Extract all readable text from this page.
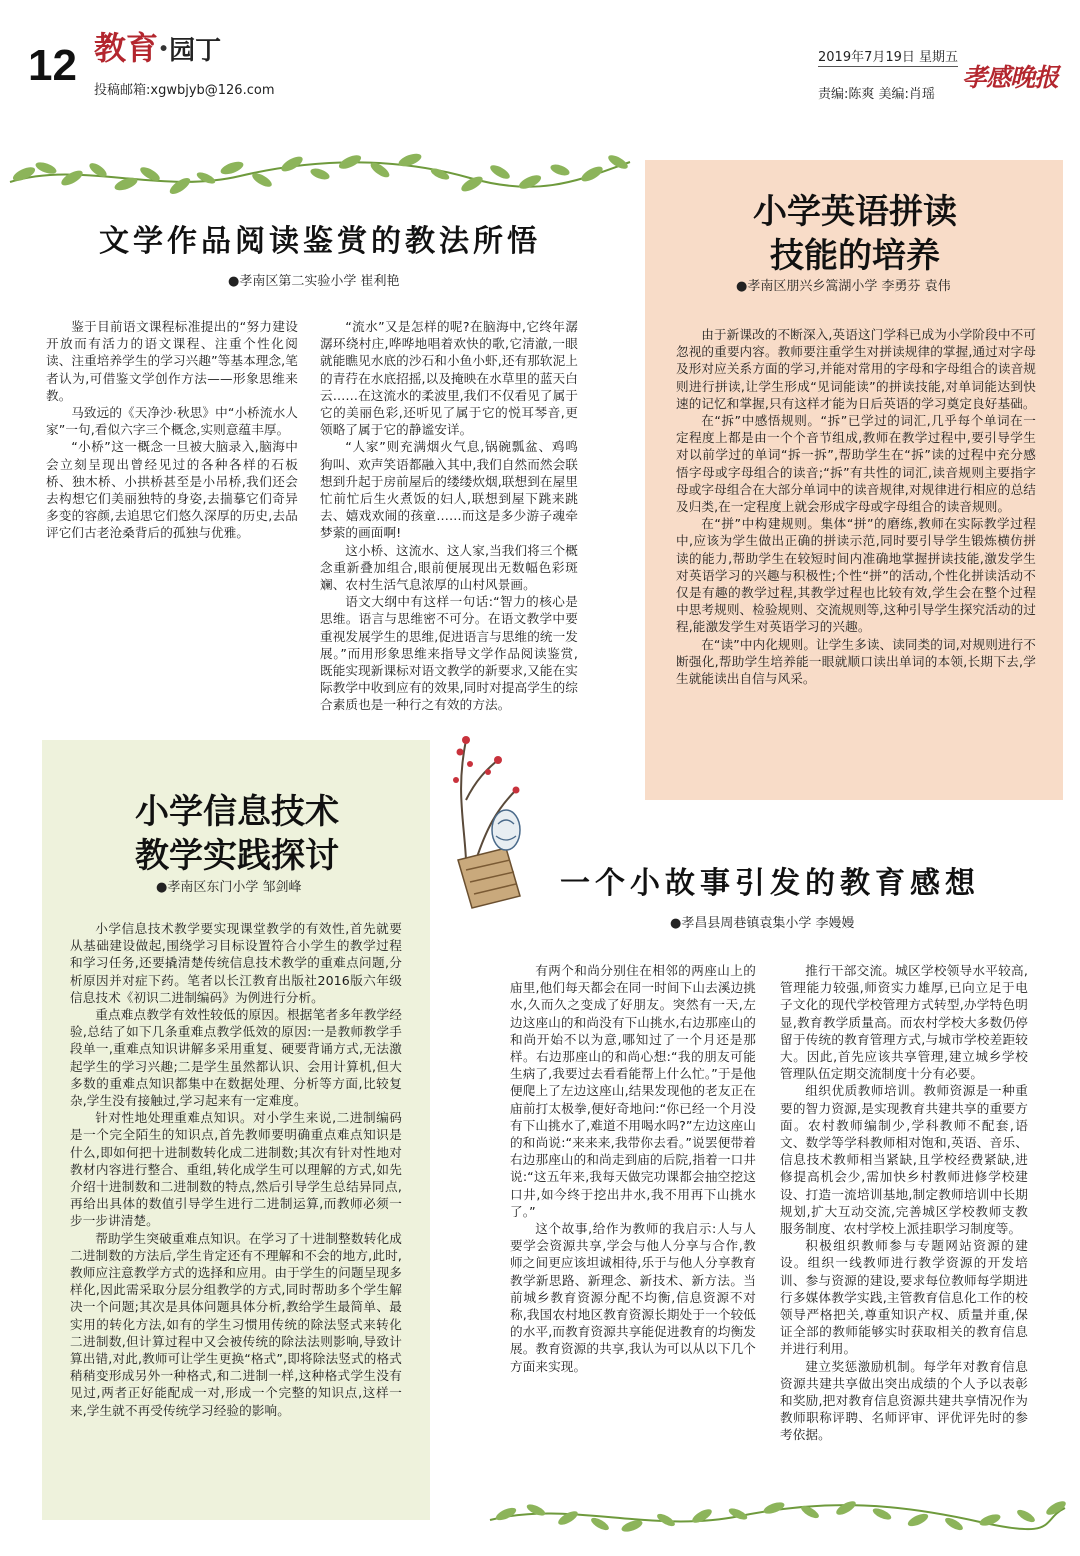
12 教育·园丁
投稿邮箱:xgwbjyb@126.com
2019年7月19日 星期五
责编:陈爽 美编:肖瑶
孝感晚报
文学作品阅读鉴赏的教法所悟
●孝南区第二实验小学 崔利艳

鉴于目前语文课程标准提出的“努力建设开放而有活力的语文课程、注重个性化阅读、注重培养学生的学习兴趣”等基本理念,笔者认为,可借鉴文学创作方法——形象思维来教。

马致远的《天净沙·秋思》中“小桥流水人家”一句,看似六字三个概念,实则意蕴丰厚。

“小桥”这一概念一旦被大脑录入,脑海中会立刻呈现出曾经见过的各种各样的石板桥、独木桥、小拱桥甚至是小吊桥,我们还会去构想它们美丽独特的身姿,去揣摹它们奇异多变的容颜,去追思它们悠久深厚的历史,去品评它们古老沧桑背后的孤独与优雅。

“流水”又是怎样的呢?在脑海中,它终年潺潺环绕村庄,哗哗地唱着欢快的歌,它清澈,一眼就能瞧见水底的沙石和小鱼小虾,还有那软泥上的青荇在水底招摇,以及掩映在水草里的蓝天白云……在这流水的柔波里,我们不仅看见了属于它的美丽色彩,还听见了属于它的悦耳琴音,更领略了属于它的静谧安详。

“人家”则充满烟火气息,锅碗瓢盆、鸡鸣狗叫、欢声笑语都融入其中,我们自然而然会联想到升起于房前屋后的缕缕炊烟,联想到在屋里忙前忙后生火煮饭的妇人,联想到屋下跳来跳去、嬉戏欢闹的孩童……而这是多少游子魂牵梦萦的画面啊!

这小桥、这流水、这人家,当我们将三个概念重新叠加组合,眼前便展现出无数幅色彩斑斓、农村生活气息浓厚的山村风景画。

语文大纲中有这样一句话:“智力的核心是思维。语言与思维密不可分。在语文教学中要重视发展学生的思维,促进语言与思维的统一发展。”而用形象思维来指导文学作品阅读鉴赏,既能实现新课标对语文教学的新要求,又能在实际教学中收到应有的效果,同时对提高学生的综合素质也是一种行之有效的方法。

小学英语拼读
技能的培养
●孝南区朋兴乡篙湖小学 李勇芬 袁伟

由于新课改的不断深入,英语这门学科已成为小学阶段中不可忽视的重要内容。教师要注重学生对拼读规律的掌握,通过对字母及形对应关系方面的学习,并能对常用的字母和字母组合的读音规则进行拼读,让学生形成“见词能读”的拼读技能,对单词能达到快速的记忆和掌握,只有这样才能为日后英语的学习奠定良好基础。

在“拆”中感悟规则。“拆”已学过的词汇,几乎每个单词在一定程度上都是由一个个音节组成,教师在教学过程中,要引导学生对以前学过的单词“拆一拆”,帮助学生在“拆”读的过程中充分感悟字母或字母组合的读音;“拆”有共性的词汇,读音规则主要指字母或字母组合在大部分单词中的读音规律,对规律进行相应的总结及归类,在一定程度上就会形成字母或字母组合的读音规则。

在“拼”中构建规则。集体“拼”的磨练,教师在实际教学过程中,应该为学生做出正确的拼读示范,同时要引导学生锻炼横仿拼读的能力,帮助学生在较短时间内准确地掌握拼读技能,激发学生对英语学习的兴趣与积极性;个性“拼”的活动,个性化拼读活动不仅是有趣的教学过程,其教学过程也比较有效,学生会在整个过程中思考规则、检验规则、交流规则等,这种引导学生探究活动的过程,能激发学生对英语学习的兴趣。

在“读”中内化规则。让学生多读、读同类的词,对规则进行不断强化,帮助学生培养能一眼就顺口读出单词的本领,长期下去,学生就能读出自信与风采。

小学信息技术
教学实践探讨
●孝南区东门小学 邹剑峰

小学信息技术教学要实现课堂教学的有效性,首先就要从基础建设做起,围绕学习目标设置符合小学生的教学过程和学习任务,还要撬清楚传统信息技术教学的重难点问题,分析原因并对症下药。笔者以长江教育出版社2016版六年级信息技术《初识二进制编码》为例进行分析。

重点难点教学有效性较低的原因。根据笔者多年教学经验,总结了如下几条重难点教学低效的原因:一是教师教学手段单一,重难点知识讲解多采用重复、硬要背诵方式,无法激起学生的学习兴趣;二是学生虽然都认识、会用计算机,但大多数的重难点知识都集中在数据处理、分析等方面,比较复杂,学生没有接触过,学习起来有一定难度。

针对性地处理重难点知识。对小学生来说,二进制编码是一个完全陌生的知识点,首先教师要明确重点难点知识是什么,即如何把十进制数转化成二进制数;其次有针对性地对教材内容进行整合、重组,转化成学生可以理解的方式,如先介绍十进制数和二进制数的特点,然后引导学生总结异同点,再给出具体的数值引导学生进行二进制运算,而教师必须一步一步讲清楚。

帮助学生突破重难点知识。在学习了十进制整数转化成二进制数的方法后,学生肯定还有不理解和不会的地方,此时,教师应注意教学方式的选择和应用。由于学生的问题呈现多样化,因此需采取分层分组教学的方式,同时帮助多个学生解决一个问题;其次是具体问题具体分析,教给学生最简单、最实用的转化方法,如有的学生习惯用传统的除法竖式来转化二进制数,但计算过程中又会被传统的除法法则影响,导致计算出错,对此,教师可让学生更换“格式”,即将除法竖式的格式稍稍变形成另外一种格式,和二进制一样,这种格式学生没有见过,两者正好能配成一对,形成一个完整的知识点,这样一来,学生就不再受传统学习经验的影响。

一个小故事引发的教育感想
●孝昌县周巷镇袁集小学 李嫚嫚

有两个和尚分别住在相邻的两座山上的庙里,他们每天都会在同一时间下山去溪边挑水,久而久之变成了好朋友。突然有一天,左边这座山的和尚没有下山挑水,右边那座山的和尚开始不以为意,哪知过了一个月还是那样。右边那座山的和尚心想:“我的朋友可能生病了,我要过去看看能帮上什么忙。”于是他便爬上了左边这座山,结果发现他的老友正在庙前打太极拳,便好奇地问:“你已经一个月没有下山挑水了,难道不用喝水吗?”左边这座山的和尚说:“来来来,我带你去看。”说罢便带着右边那座山的和尚走到庙的后院,指着一口井说:“这五年来,我每天做完功课都会抽空挖这口井,如今终于挖出井水,我不用再下山挑水了。”

这个故事,给作为教师的我启示:人与人要学会资源共享,学会与他人分享与合作,教师之间更应该坦诚相待,乐于与他人分享教育教学新思路、新理念、新技术、新方法。当前城乡教育资源分配不均衡,信息资源不对称,我国农村地区教育资源长期处于一个较低的水平,而教育资源共享能促进教育的均衡发展。教育资源的共享,我认为可以从以下几个方面来实现。

推行干部交流。城区学校领导水平较高,管理能力较强,师资实力雄厚,已向立足于电子文化的现代学校管理方式转型,办学特色明显,教育教学质量高。而农村学校大多数仍停留于传统的教育管理方式,与城市学校差距较大。因此,首先应该共享管理,建立城乡学校管理队伍定期交流制度十分有必要。

组织优质教师培训。教师资源是一种重要的智力资源,是实现教育共建共享的重要方面。农村教师编制少,学科教师不配套,语文、数学等学科教师相对饱和,英语、音乐、信息技术教师相当紧缺,且学校经费紧缺,进修提高机会少,需加快乡村教师进修学校建设、打造一流培训基地,制定教师培训中长期规划,扩大互动交流,完善城区学校教师支教服务制度、农村学校上派挂职学习制度等。

积极组织教师参与专题网站资源的建设。组织一线教师进行教学资源的开发培训、参与资源的建设,要求每位教师每学期进行多媒体教学实践,主管教育信息化工作的校领导严格把关,尊重知识产权、质量并重,保证全部的教师能够实时获取相关的教育信息并进行利用。

建立奖惩激励机制。每学年对教育信息资源共建共享做出突出成绩的个人予以表彰和奖励,把对教育信息资源共建共享情况作为教师职称评聘、名师评审、评优评先时的参考依据。
